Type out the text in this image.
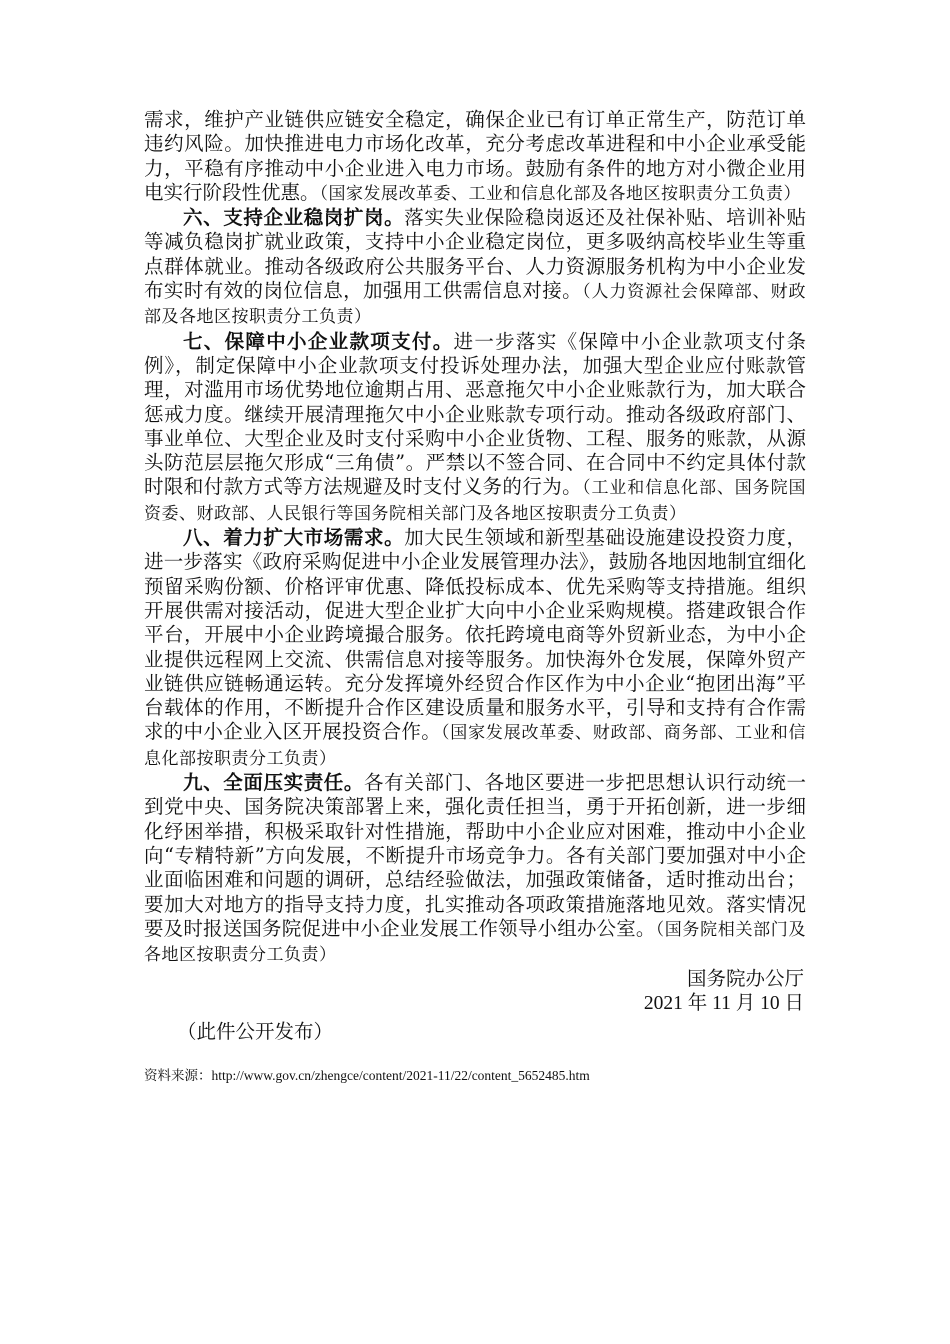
需求，维护产业链供应链安全稳定，确保企业已有订单正常生产，防范订单违约风险。加快推进电力市场化改革，充分考虑改革进程和中小企业承受能力，平稳有序推动中小企业进入电力市场。鼓励有条件的地方对小微企业用电实行阶段性优惠。（国家发展改革委、工业和信息化部及各地区按职责分工负责）

六、支持企业稳岗扩岗。落实失业保险稳岗返还及社保补贴、培训补贴等减负稳岗扩就业政策，支持中小企业稳定岗位，更多吸纳高校毕业生等重点群体就业。推动各级政府公共服务平台、人力资源服务机构为中小企业发布实时有效的岗位信息，加强用工供需信息对接。（人力资源社会保障部、财政部及各地区按职责分工负责）

七、保障中小企业款项支付。进一步落实《保障中小企业款项支付条例》，制定保障中小企业款项支付投诉处理办法，加强大型企业应付账款管理，对滥用市场优势地位逾期占用、恶意拖欠中小企业账款行为，加大联合惩戒力度。继续开展清理拖欠中小企业账款专项行动。推动各级政府部门、事业单位、大型企业及时支付采购中小企业货物、工程、服务的账款，从源头防范层层拖欠形成“三角债”。严禁以不签合同、在合同中不约定具体付款时限和付款方式等方法规避及时支付义务的行为。（工业和信息化部、国务院国资委、财政部、人民银行等国务院相关部门及各地区按职责分工负责）

八、着力扩大市场需求。加大民生领域和新型基础设施建设投资力度，进一步落实《政府采购促进中小企业发展管理办法》，鼓励各地因地制宜细化预留采购份额、价格评审优惠、降低投标成本、优先采购等支持措施。组织开展供需对接活动，促进大型企业扩大向中小企业采购规模。搭建政银合作平台，开展中小企业跨境撮合服务。依托跨境电商等外贸新业态，为中小企业提供远程网上交流、供需信息对接等服务。加快海外仓发展，保障外贸产业链供应链畅通运转。充分发挥境外经贸合作区作为中小企业“抱团出海”平台载体的作用，不断提升合作区建设质量和服务水平，引导和支持有合作需求的中小企业入区开展投资合作。（国家发展改革委、财政部、商务部、工业和信息化部按职责分工负责）

九、全面压实责任。各有关部门、各地区要进一步把思想认识行动统一到党中央、国务院决策部署上来，强化责任担当，勇于开拓创新，进一步细化纾困举措，积极采取针对性措施，帮助中小企业应对困难，推动中小企业向“专精特新”方向发展，不断提升市场竞争力。各有关部门要加强对中小企业面临困难和问题的调研，总结经验做法，加强政策储备，适时推动出台；要加大对地方的指导支持力度，扎实推动各项政策措施落地见效。落实情况要及时报送国务院促进中小企业发展工作领导小组办公室。（国务院相关部门及各地区按职责分工负责）

国务院办公厅

2021 年 11 月 10 日

（此件公开发布）

资料来源：http://www.gov.cn/zhengce/content/2021-11/22/content_5652485.htm
